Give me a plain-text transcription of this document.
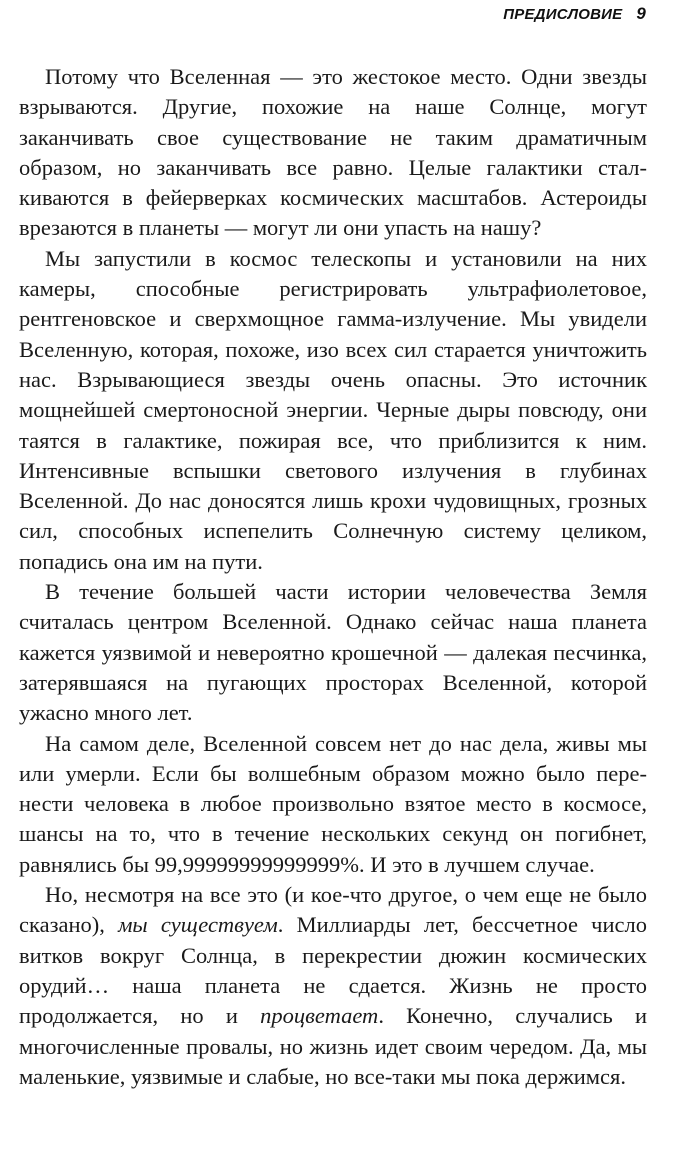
ПРЕДИСЛОВИЕ 9

Потому что Вселенная — это жестокое место. Одни звезды взрываются. Другие, похожие на наше Солнце, могут заканчивать свое существование не таким драматичным образом, но заканчивать все равно. Целые галактики сталкиваются в фейерверках космических масштабов. Астероиды врезаются в планеты — могут ли они упасть на нашу?

Мы запустили в космос телескопы и установили на них камеры, способные регистрировать ультрафиолетовое, рентгеновское и сверхмощное гамма-излучение. Мы увидели Вселенную, которая, похоже, изо всех сил старается уничтожить нас. Взрывающиеся звезды очень опасны. Это источник мощнейшей смертоносной энергии. Черные дыры повсюду, они таятся в галактике, пожирая все, что приблизится к ним. Интенсивные вспышки светового излучения в глубинах Вселенной. До нас доносятся лишь крохи чудовищных, грозных сил, способных испепелить Солнечную систему целиком, попадись она им на пути.

В течение большей части истории человечества Земля считалась центром Вселенной. Однако сейчас наша планета кажется уязвимой и невероятно крошечной — далекая песчинка, затерявшаяся на пугающих просторах Вселенной, которой ужасно много лет.

На самом деле, Вселенной совсем нет до нас дела, живы мы или умерли. Если бы волшебным образом можно было перенести человека в любое произвольно взятое место в космосе, шансы на то, что в течение нескольких секунд он погибнет, равнялись бы 99,99999999999999%. И это в лучшем случае.

Но, несмотря на все это (и кое-что другое, о чем еще не было сказано), мы существуем. Миллиарды лет, бессчетное число витков вокруг Солнца, в перекрестии дюжин космических орудий… наша планета не сдается. Жизнь не просто продолжается, но и процветает. Конечно, случались и многочисленные провалы, но жизнь идет своим чередом. Да, мы маленькие, уязвимые и слабые, но все-таки мы пока держимся.
